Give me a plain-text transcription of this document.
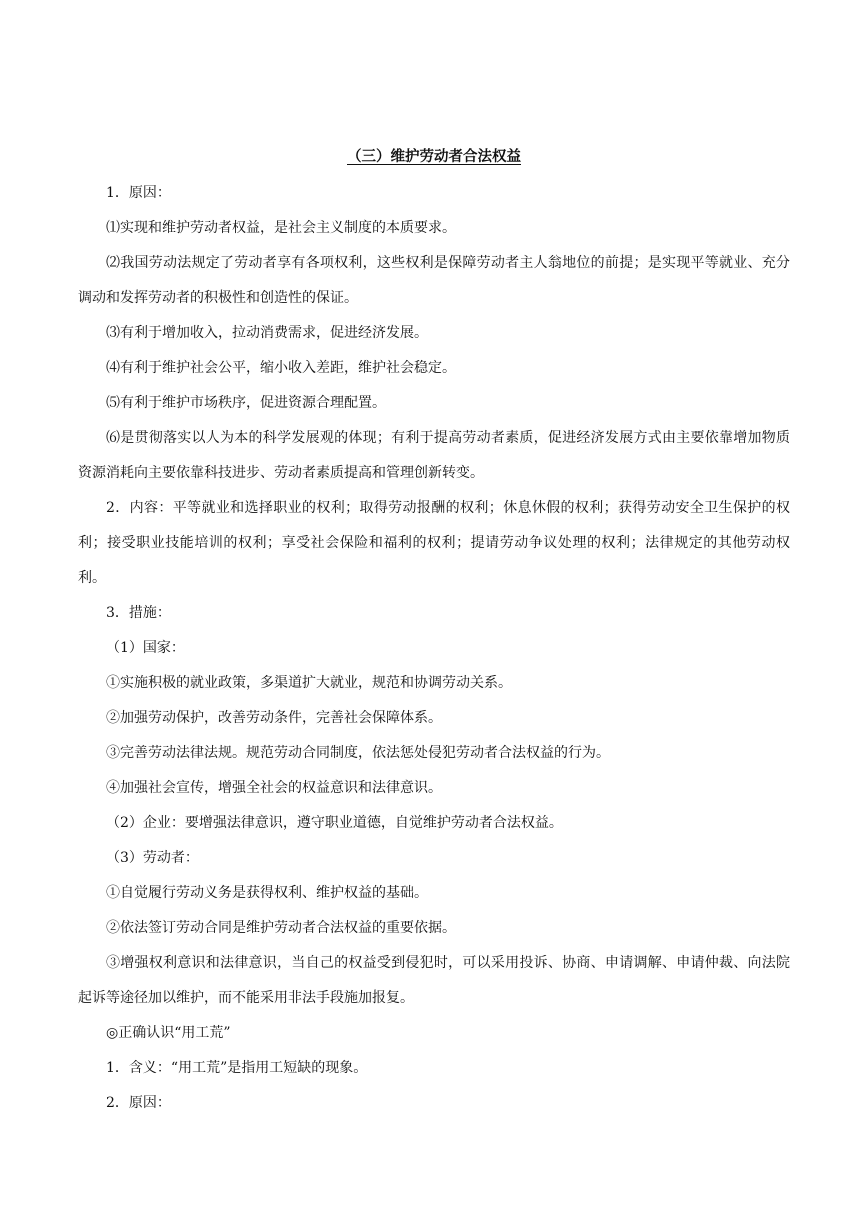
（三）维护劳动者合法权益

1．原因：

⑴实现和维护劳动者权益，是社会主义制度的本质要求。

⑵我国劳动法规定了劳动者享有各项权利，这些权利是保障劳动者主人翁地位的前提；是实现平等就业、充分调动和发挥劳动者的积极性和创造性的保证。

⑶有利于增加收入，拉动消费需求，促进经济发展。

⑷有利于维护社会公平，缩小收入差距，维护社会稳定。

⑸有利于维护市场秩序，促进资源合理配置。

⑹是贯彻落实以人为本的科学发展观的体现；有利于提高劳动者素质，促进经济发展方式由主要依靠增加物质资源消耗向主要依靠科技进步、劳动者素质提高和管理创新转变。

2．内容：平等就业和选择职业的权利；取得劳动报酬的权利；休息休假的权利；获得劳动安全卫生保护的权利；接受职业技能培训的权利；享受社会保险和福利的权利；提请劳动争议处理的权利；法律规定的其他劳动权利。

3．措施：

（1）国家：

①实施积极的就业政策，多渠道扩大就业，规范和协调劳动关系。

②加强劳动保护，改善劳动条件，完善社会保障体系。

③完善劳动法律法规。规范劳动合同制度，依法惩处侵犯劳动者合法权益的行为。

④加强社会宣传，增强全社会的权益意识和法律意识。

（2）企业：要增强法律意识，遵守职业道德，自觉维护劳动者合法权益。

（3）劳动者：

①自觉履行劳动义务是获得权利、维护权益的基础。

②依法签订劳动合同是维护劳动者合法权益的重要依据。

③增强权利意识和法律意识，当自己的权益受到侵犯时，可以采用投诉、协商、申请调解、申请仲裁、向法院起诉等途径加以维护，而不能采用非法手段施加报复。

◎正确认识“用工荒”

1．含义：“用工荒”是指用工短缺的现象。

2．原因：
